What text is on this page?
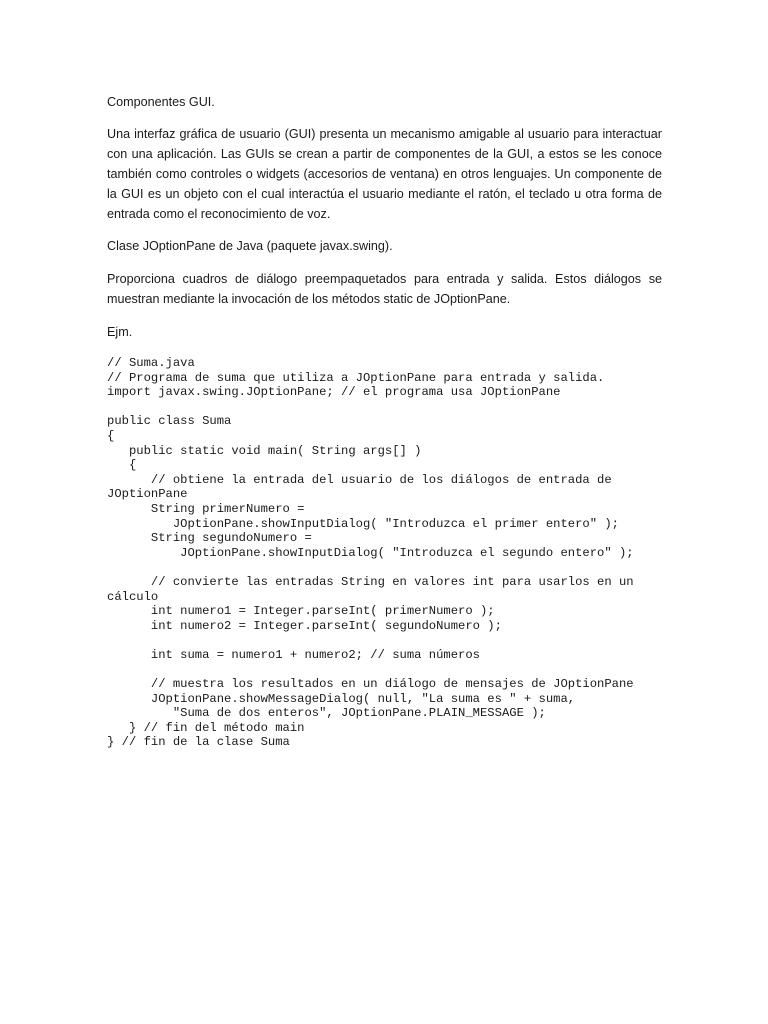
Componentes GUI.

Una interfaz gráfica de usuario (GUI) presenta un mecanismo amigable al usuario para interactuar con una aplicación. Las GUIs se crean a partir de componentes de la GUI, a estos se les conoce también como controles o widgets (accesorios de ventana) en otros lenguajes. Un componente de la GUI es un objeto con el cual interactúa el usuario mediante el ratón, el teclado u otra forma de entrada como el reconocimiento de voz.

Clase JOptionPane de Java (paquete javax.swing).

Proporciona cuadros de diálogo preempaquetados para entrada y salida. Estos diálogos se muestran mediante la invocación de los métodos static de JOptionPane.

Ejm.

// Suma.java
// Programa de suma que utiliza a JOptionPane para entrada y salida.
import javax.swing.JOptionPane; // el programa usa JOptionPane

public class Suma
{
public static void main( String args[] )
{
// obtiene la entrada del usuario de los diálogos de entrada de
JOptionPane
String primerNumero =
JOptionPane.showInputDialog( "Introduzca el primer entero" );
String segundoNumero =
JOptionPane.showInputDialog( "Introduzca el segundo entero" );

// convierte las entradas String en valores int para usarlos en un
cálculo
int numero1 = Integer.parseInt( primerNumero );
int numero2 = Integer.parseInt( segundoNumero );

int suma = numero1 + numero2; // suma números

// muestra los resultados en un diálogo de mensajes de JOptionPane
JOptionPane.showMessageDialog( null, "La suma es " + suma,
"Suma de dos enteros", JOptionPane.PLAIN_MESSAGE );
} // fin del método main
} // fin de la clase Suma
